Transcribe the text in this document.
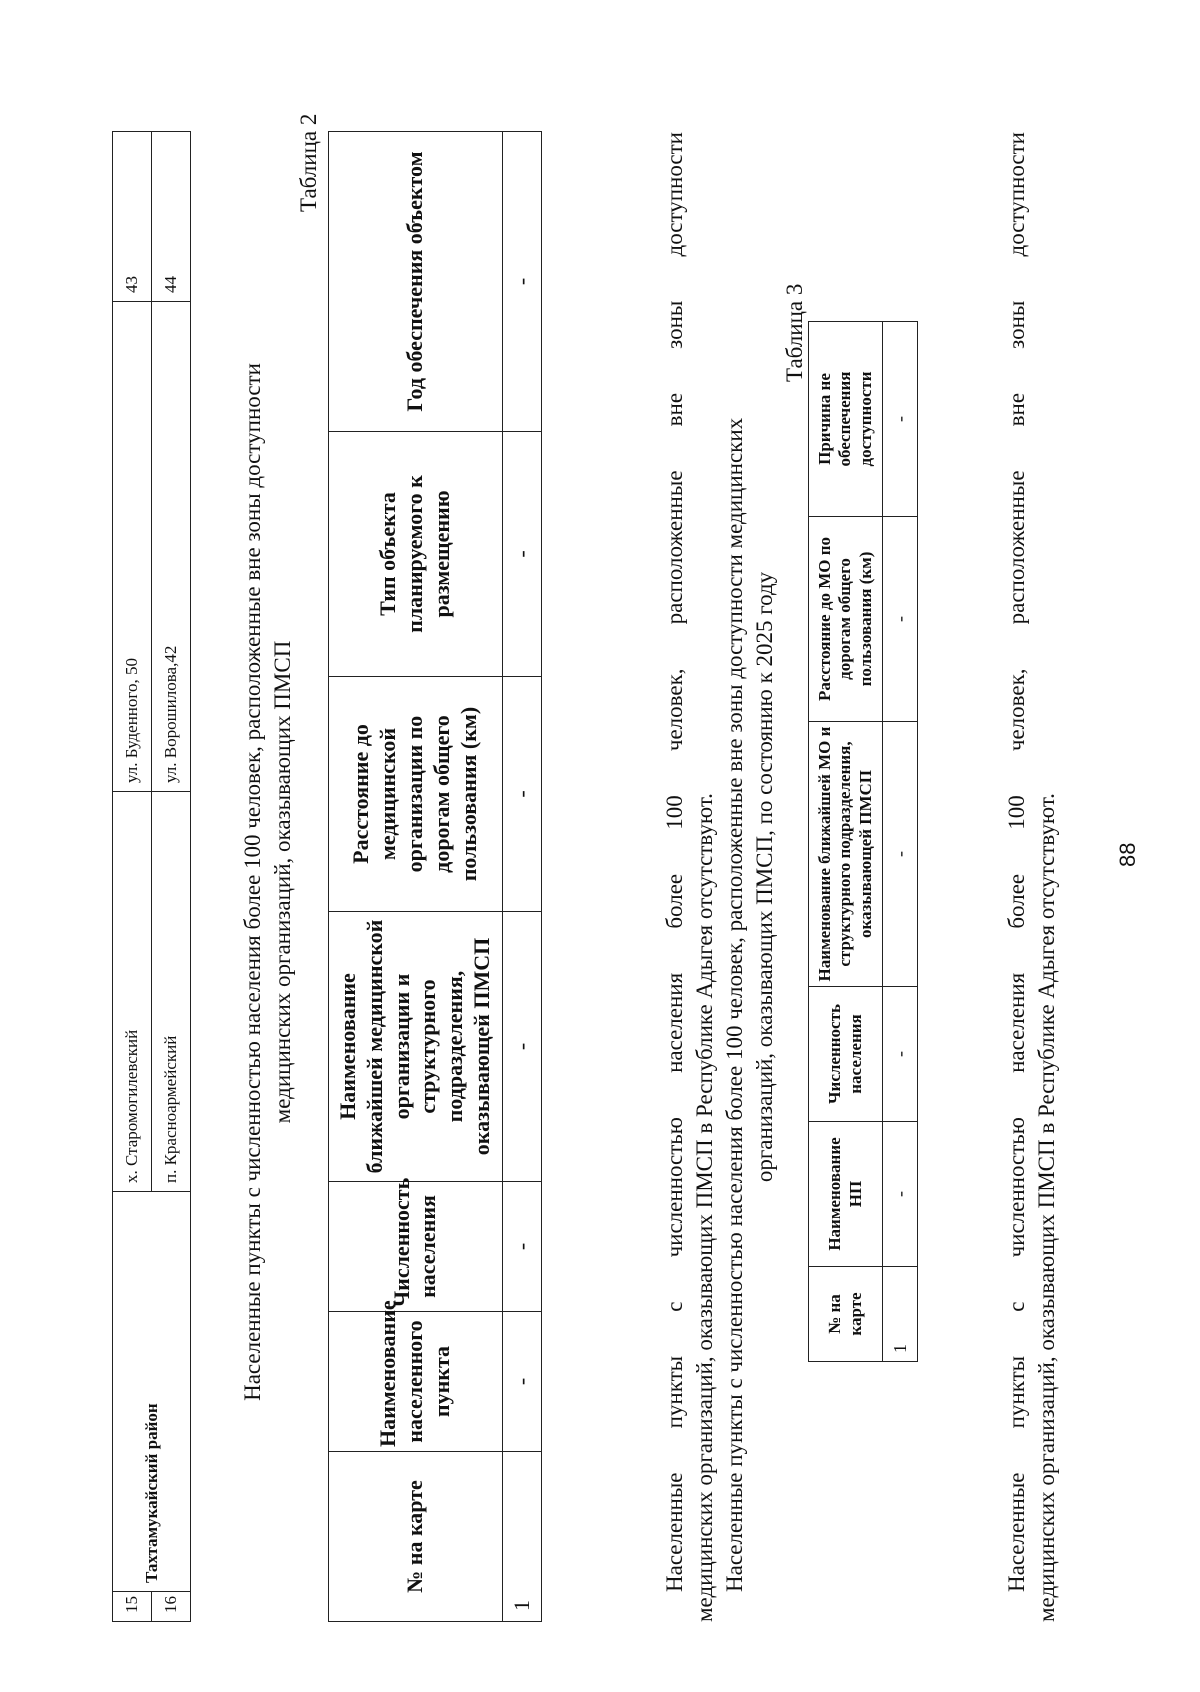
15	Тахтамукайский район	х. Старомогилевский	ул. Буденного, 50	43
16		п. Красноармейский	ул. Ворошилова,42	44
Населенные пункты с численностью населения более 100 человек, расположенные вне зоны доступности медицинских организаций, оказывающих ПМСП
Таблица 2
№ на карте	Наименование населенного пункта	Численность населения	Наименование ближайшей медицинской организации и структурного подразделения, оказывающей ПМСП	Расстояние до медицинской организации по дорогам общего пользования (км)	Тип объекта планируемого к размещению	Год обеспечения объектом
1	-	-	-	-	-	-	Населенные пункты с численностью населения более 100 человек, расположенные вне зоны доступности медицинских организаций, оказывающих ПМСП в Республике Адыгея отсутствуют. Населенные пункты с численностью населения более 100 человек, расположенные вне зоны доступности медицинских организаций, оказывающих ПМСП, по состоянию к 2025 году
Таблица 3
№ на карте	Наименование НП	Численность населения	Наименование ближайшей МО и структурного подразделения, оказывающей ПМСП	Расстояние до МО по дорогам общего пользования (км)	Причина не обеспечения доступности
1	-	-	-	-	-	Населенные пункты с численностью населения более 100 человек, расположенные вне зоны доступности медицинских организаций, оказывающих ПМСП в Республике Адыгея отсутствуют.	88
